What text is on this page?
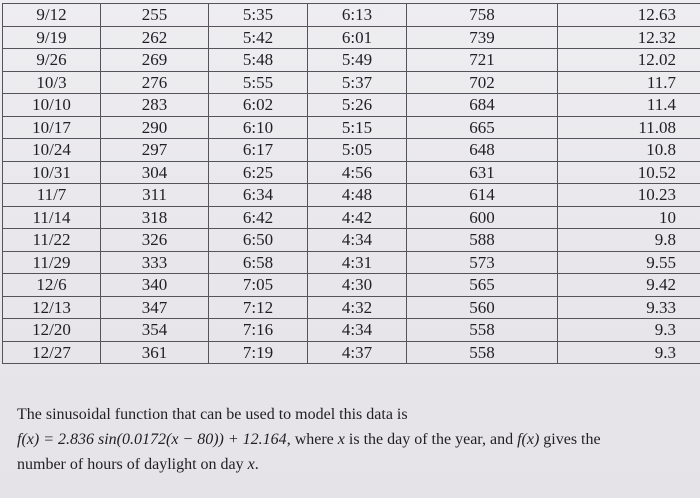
9/12	255	5:35	6:13	758	12.63
9/19	262	5:42	6:01	739	12.32
9/26	269	5:48	5:49	721	12.02
10/3	276	5:55	5:37	702	11.7
10/10	283	6:02	5:26	684	11.4
10/17	290	6:10	5:15	665	11.08
10/24	297	6:17	5:05	648	10.8
10/31	304	6:25	4:56	631	10.52
11/7	311	6:34	4:48	614	10.23
11/14	318	6:42	4:42	600	10
11/22	326	6:50	4:34	588	9.8
11/29	333	6:58	4:31	573	9.55
12/6	340	7:05	4:30	565	9.42
12/13	347	7:12	4:32	560	9.33
12/20	354	7:16	4:34	558	9.3
12/27	361	7:19	4:37	558	9.3

The sinusoidal function that can be used to model this data is

f(x) = 2.836 sin(0.0172(x − 80)) + 12.164, where x is the day of the year, and f(x) gives the

number of hours of daylight on day x.
